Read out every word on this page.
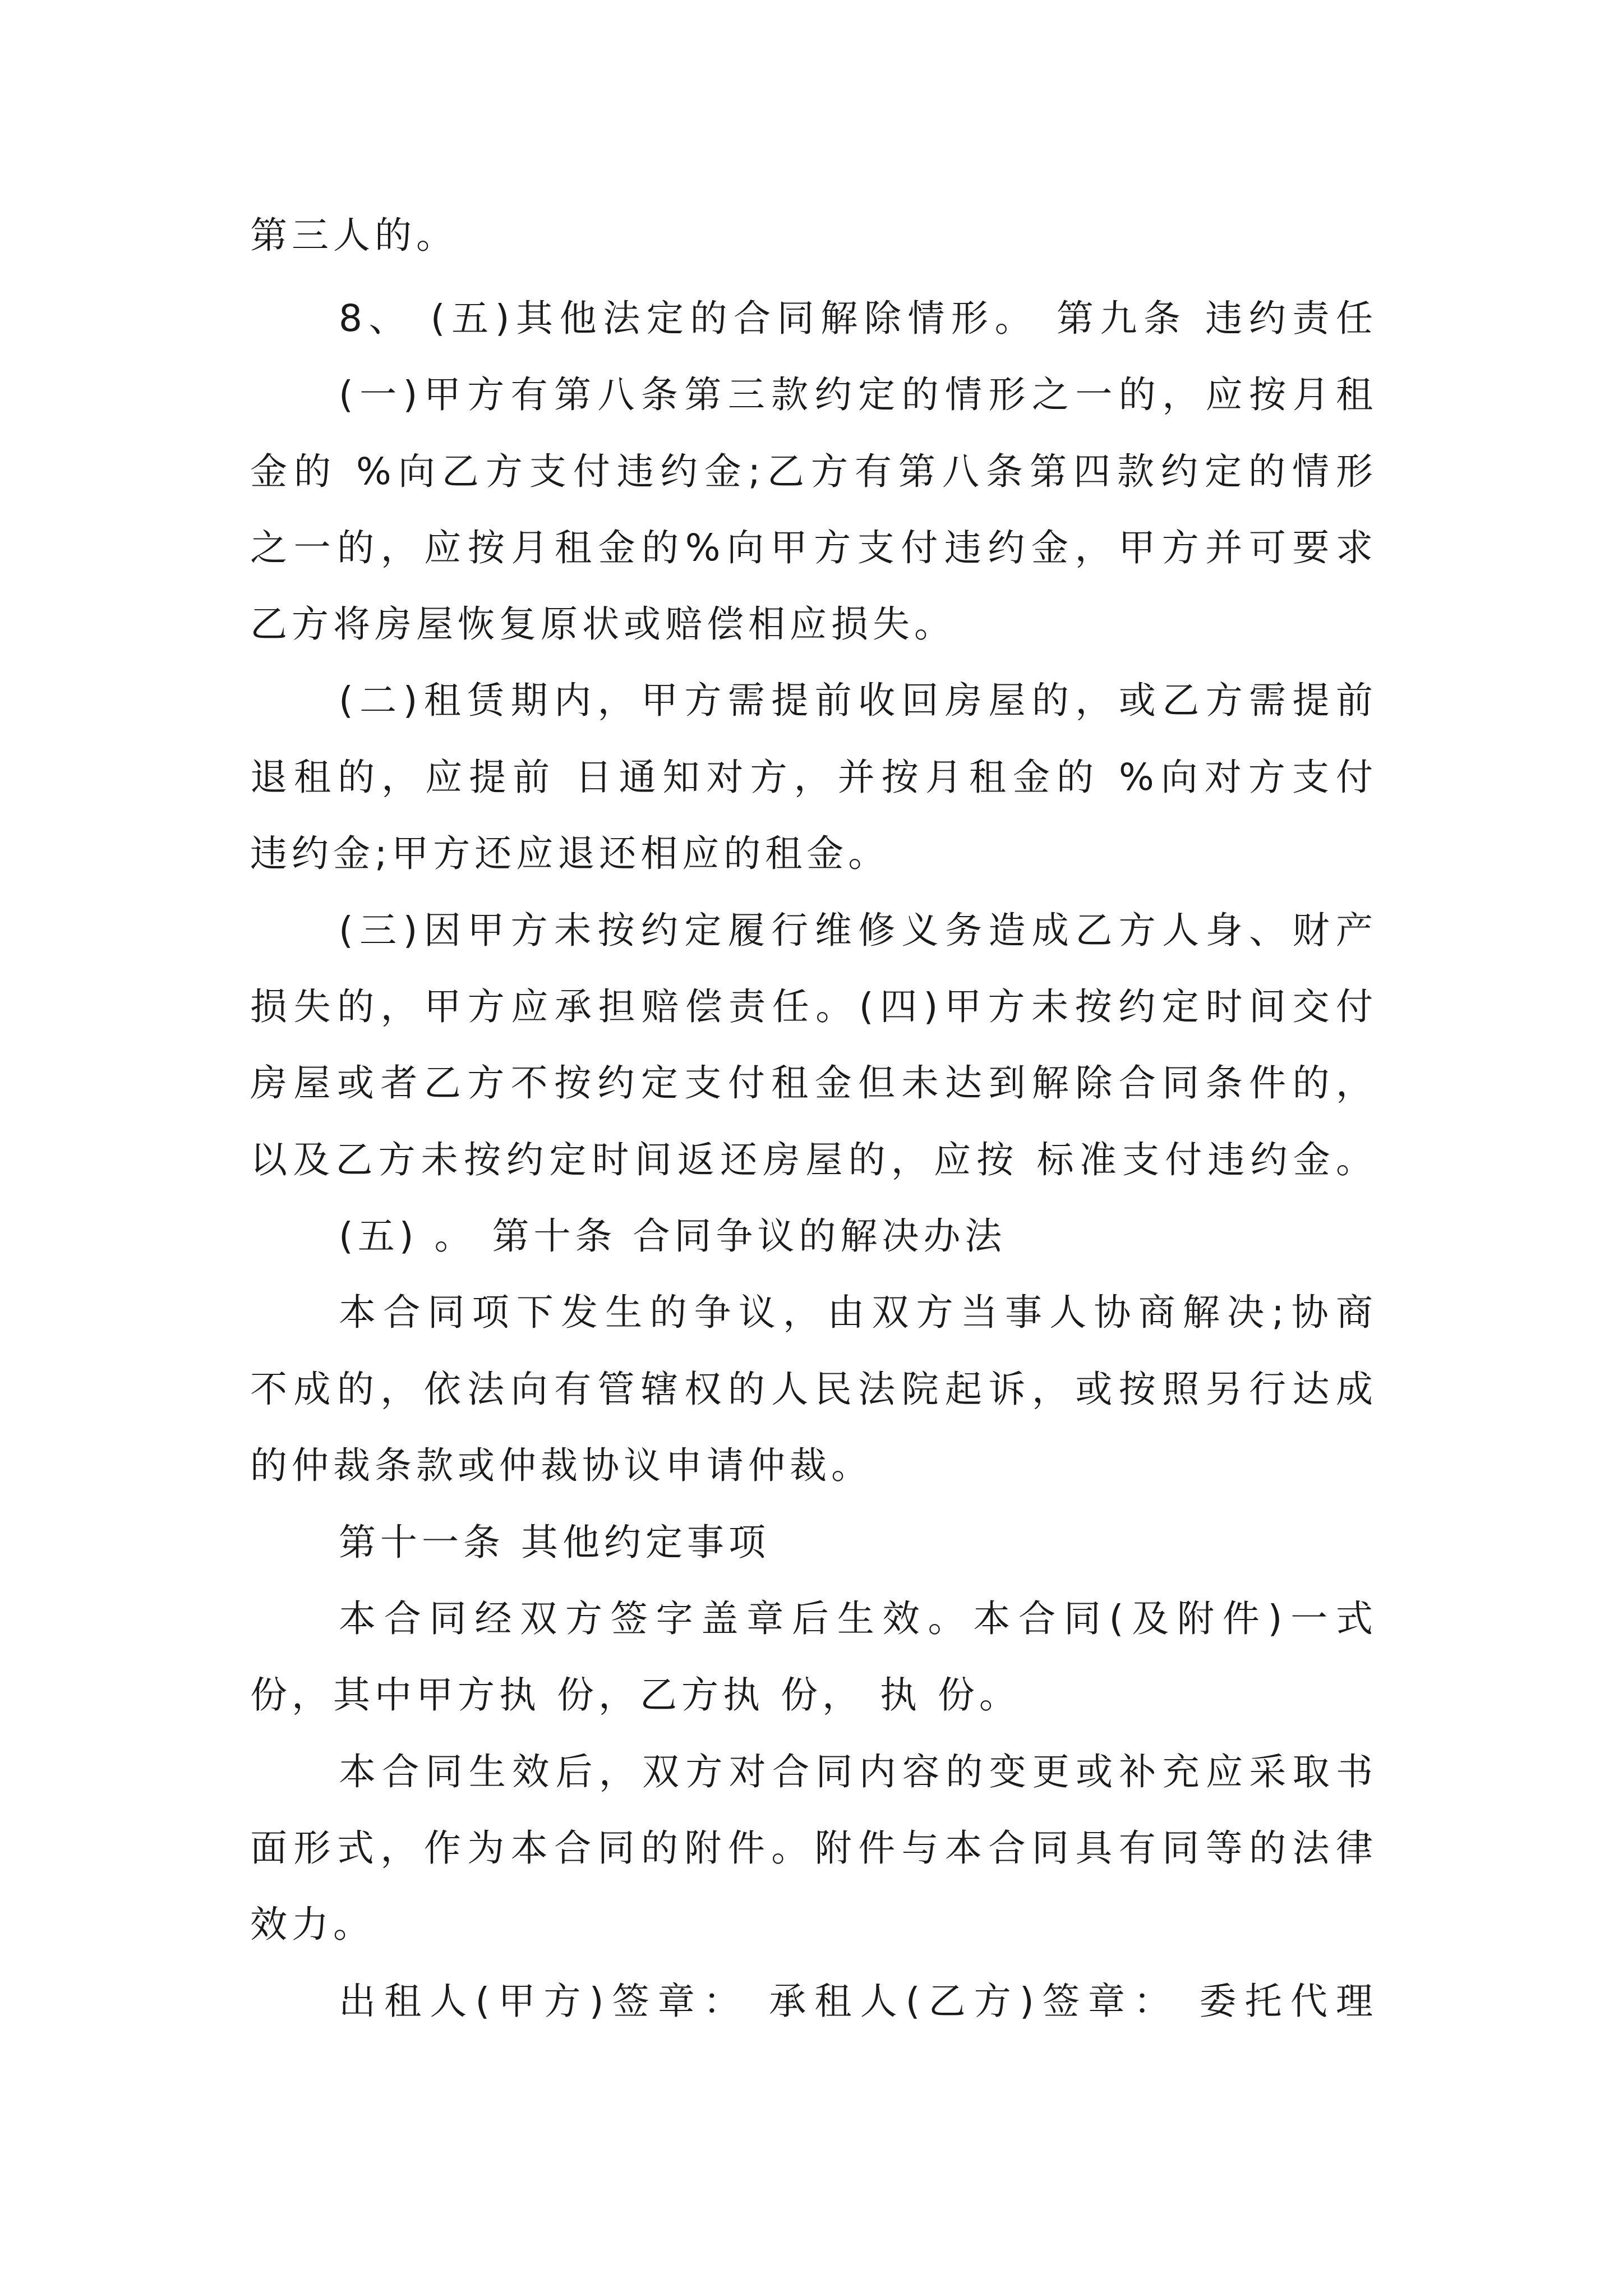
第三人的。
8、 (五)其他法定的合同解除情形。 第九条 违约责任
(一)甲方有第八条第三款约定的情形之一的，应按月租
金的 %向乙方支付违约金;乙方有第八条第四款约定的情形
之一的，应按月租金的%向甲方支付违约金，甲方并可要求
乙方将房屋恢复原状或赔偿相应损失。
(二)租赁期内，甲方需提前收回房屋的，或乙方需提前
退租的，应提前 日通知对方，并按月租金的 %向对方支付
违约金;甲方还应退还相应的租金。
(三)因甲方未按约定履行维修义务造成乙方人身、财产
损失的，甲方应承担赔偿责任。(四)甲方未按约定时间交付
房屋或者乙方不按约定支付租金但未达到解除合同条件的，
以及乙方未按约定时间返还房屋的，应按 标准支付违约金。
(五) 。 第十条 合同争议的解决办法
本合同项下发生的争议，由双方当事人协商解决;协商
不成的，依法向有管辖权的人民法院起诉，或按照另行达成
的仲裁条款或仲裁协议申请仲裁。
第十一条 其他约定事项
本合同经双方签字盖章后生效。本合同(及附件)一式
份，其中甲方执 份，乙方执 份， 执 份。
本合同生效后，双方对合同内容的变更或补充应采取书
面形式，作为本合同的附件。附件与本合同具有同等的法律
效力。
出租人(甲方)签章： 承租人(乙方)签章： 委托代理
